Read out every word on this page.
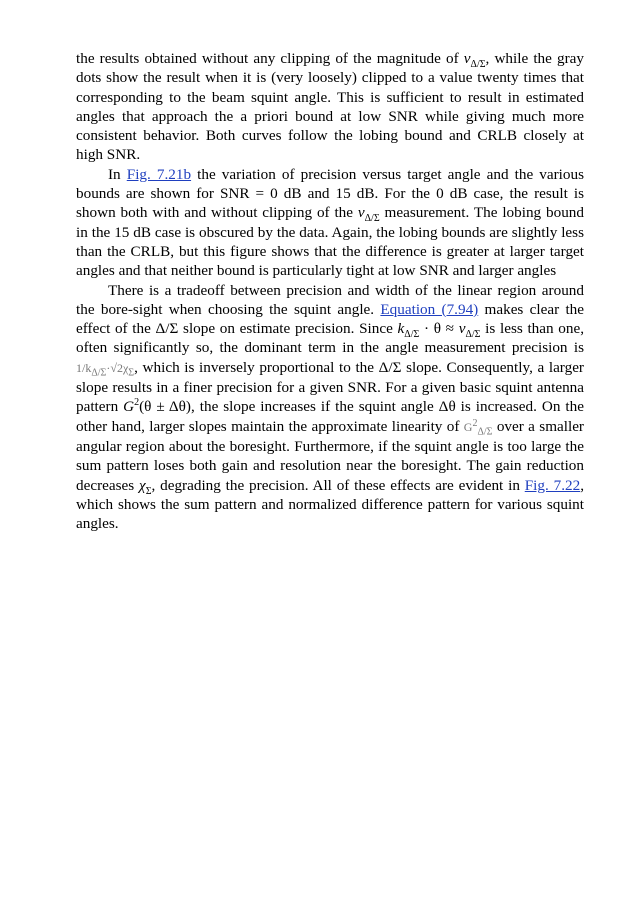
the results obtained without any clipping of the magnitude of $v_{\Delta/\Sigma}$, while the gray dots show the result when it is (very loosely) clipped to a value twenty times that corresponding to the beam squint angle. This is sufficient to result in estimated angles that approach the a priori bound at low SNR while giving much more consistent behavior. Both curves follow the lobing bound and CRLB closely at high SNR.

In Fig. 7.21b the variation of precision versus target angle and the various bounds are shown for SNR = 0 dB and 15 dB. For the 0 dB case, the result is shown both with and without clipping of the $v_{\Delta/\Sigma}$ measurement. The lobing bound in the 15 dB case is obscured by the data. Again, the lobing bounds are slightly less than the CRLB, but this figure shows that the difference is greater at larger target angles and that neither bound is particularly tight at low SNR and larger angles

There is a tradeoff between precision and width of the linear region around the bore-sight when choosing the squint angle. Equation (7.94) makes clear the effect of the Δ/Σ slope on estimate precision. Since $k_{\Delta/\Sigma} \cdot \theta \approx v_{\Delta/\Sigma}$ is less than one, often significantly so, the dominant term in the angle measurement precision is $1/k_{\Delta/\Sigma}\cdot√2\chi_\Sigma$, which is inversely proportional to the Δ/Σ slope. Consequently, a larger slope results in a finer precision for a given SNR. For a given basic squint antenna pattern $G^2(\theta \pm \Delta\theta)$, the slope increases if the squint angle Δθ is increased. On the other hand, larger slopes maintain the approximate linearity of $G^2_{\Delta/\Sigma}$ over a smaller angular region about the boresight. Furthermore, if the squint angle is too large the sum pattern loses both gain and resolution near the boresight. The gain reduction decreases $\chi_\Sigma$, degrading the precision. All of these effects are evident in Fig. 7.22, which shows the sum pattern and normalized difference pattern for various squint angles.
